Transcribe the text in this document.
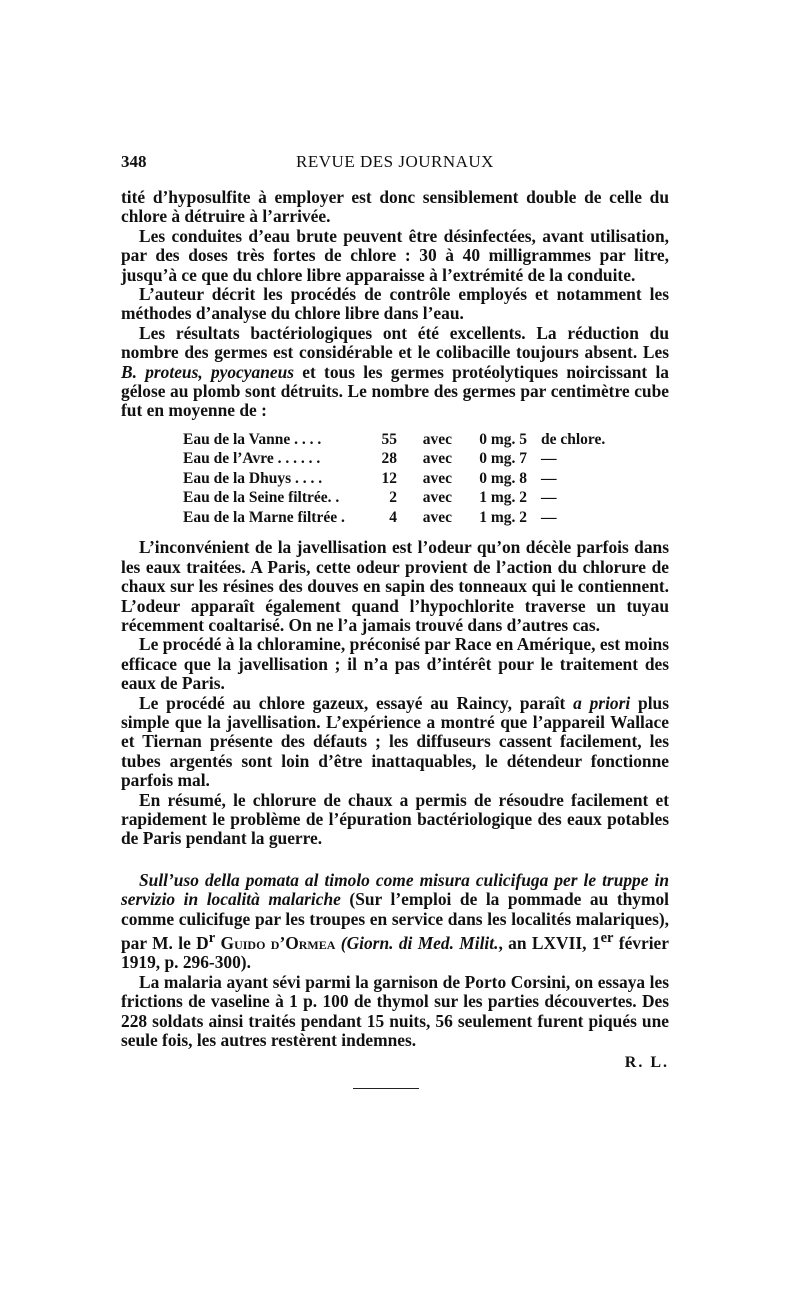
348	REVUE DES JOURNAUX

tité d’hyposulfite à employer est donc sensiblement double de celle du chlore à détruire à l’arrivée.

Les conduites d’eau brute peuvent être désinfectées, avant utilisation, par des doses très fortes de chlore : 30 à 40 milligrammes par litre, jusqu’à ce que du chlore libre apparaisse à l’extrémité de la conduite.

L’auteur décrit les procédés de contrôle employés et notamment les méthodes d’analyse du chlore libre dans l’eau.

Les résultats bactériologiques ont été excellents. La réduction du nombre des germes est considérable et le colibacille toujours absent. Les B. proteus, pyocyaneus et tous les germes protéolytiques noircissant la gélose au plomb sont détruits. Le nombre des germes par centimètre cube fut en moyenne de :

Eau de la Vanne . . . .	55	avec	0 mg. 5 de chlore.
Eau de l’Avre . . . . . .	28	avec	0 mg. 7 —
Eau de la Dhuys . . . .	12	avec	0 mg. 8 —
Eau de la Seine filtrée. .	2	avec	1 mg. 2 —
Eau de la Marne filtrée .	4	avec	1 mg. 2 —

L’inconvénient de la javellisation est l’odeur qu’on décèle parfois dans les eaux traitées. A Paris, cette odeur provient de l’action du chlorure de chaux sur les résines des douves en sapin des tonneaux qui le contiennent. L’odeur apparaît également quand l’hypochlorite traverse un tuyau récemment coaltarisé. On ne l’a jamais trouvé dans d’autres cas.

Le procédé à la chloramine, préconisé par Race en Amérique, est moins efficace que la javellisation ; il n’a pas d’intérêt pour le traitement des eaux de Paris.

Le procédé au chlore gazeux, essayé au Raincy, paraît a priori plus simple que la javellisation. L’expérience a montré que l’appareil Wallace et Tiernan présente des défauts ; les diffuseurs cassent facilement, les tubes argentés sont loin d’être inattaquables, le détendeur fonctionne parfois mal.

En résumé, le chlorure de chaux a permis de résoudre facilement et rapidement le problème de l’épuration bactériologique des eaux potables de Paris pendant la guerre.

Sull’uso della pomata al timolo come misura culicifuga per le truppe in servizio in località malariche (Sur l’emploi de la pommade au thymol comme culicifuge par les troupes en service dans les localités malariques), par M. le $D^r$ Guido d’Ormea (Giorn. di Med. Milit., an LXVII, 1er février 1919, p. 296-300).

La malaria ayant sévi parmi la garnison de Porto Corsini, on essaya les frictions de vaseline à 1 p. 100 de thymol sur les parties découvertes. Des 228 soldats ainsi traités pendant 15 nuits, 56 seulement furent piqués une seule fois, les autres restèrent indemnes.

R. L.
